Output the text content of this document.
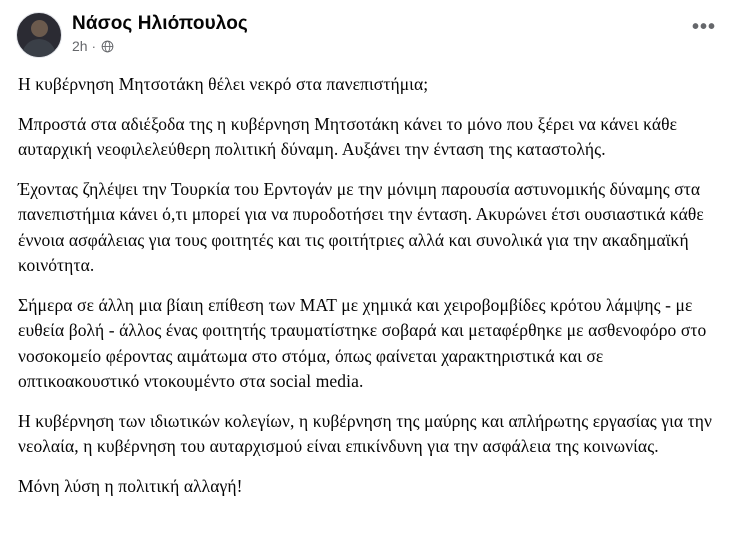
Νάσος Ηλιόπουλος
2h ·
•••

Η κυβέρνηση Μητσοτάκη θέλει νεκρό στα πανεπιστήμια;

Μπροστά στα αδιέξοδα της η κυβέρνηση Μητσοτάκη κάνει το μόνο που ξέρει να κάνει κάθε αυταρχική νεοφιλελεύθερη πολιτική δύναμη. Αυξάνει την ένταση της καταστολής.

Έχοντας ζηλέψει την Τουρκία του Ερντογάν με την μόνιμη παρουσία αστυνομικής δύναμης στα πανεπιστήμια κάνει ό,τι μπορεί για να πυροδοτήσει την ένταση. Ακυρώνει έτσι ουσιαστικά κάθε έννοια ασφάλειας για τους φοιτητές και τις φοιτήτριες αλλά και συνολικά για την ακαδημαϊκή κοινότητα.

Σήμερα σε άλλη μια βίαιη επίθεση των ΜΑΤ με χημικά και χειροβομβίδες κρότου λάμψης - με ευθεία βολή - άλλος ένας φοιτητής τραυματίστηκε σοβαρά και μεταφέρθηκε με ασθενοφόρο στο νοσοκομείο φέροντας αιμάτωμα στο στόμα, όπως φαίνεται χαρακτηριστικά και σε οπτικοακουστικό ντοκουμέντο στα social media.

Η κυβέρνηση των ιδιωτικών κολεγίων, η κυβέρνηση της μαύρης και απλήρωτης εργασίας για την νεολαία, η κυβέρνηση του αυταρχισμού είναι επικίνδυνη για την ασφάλεια της κοινωνίας.

Μόνη λύση η πολιτική αλλαγή!
